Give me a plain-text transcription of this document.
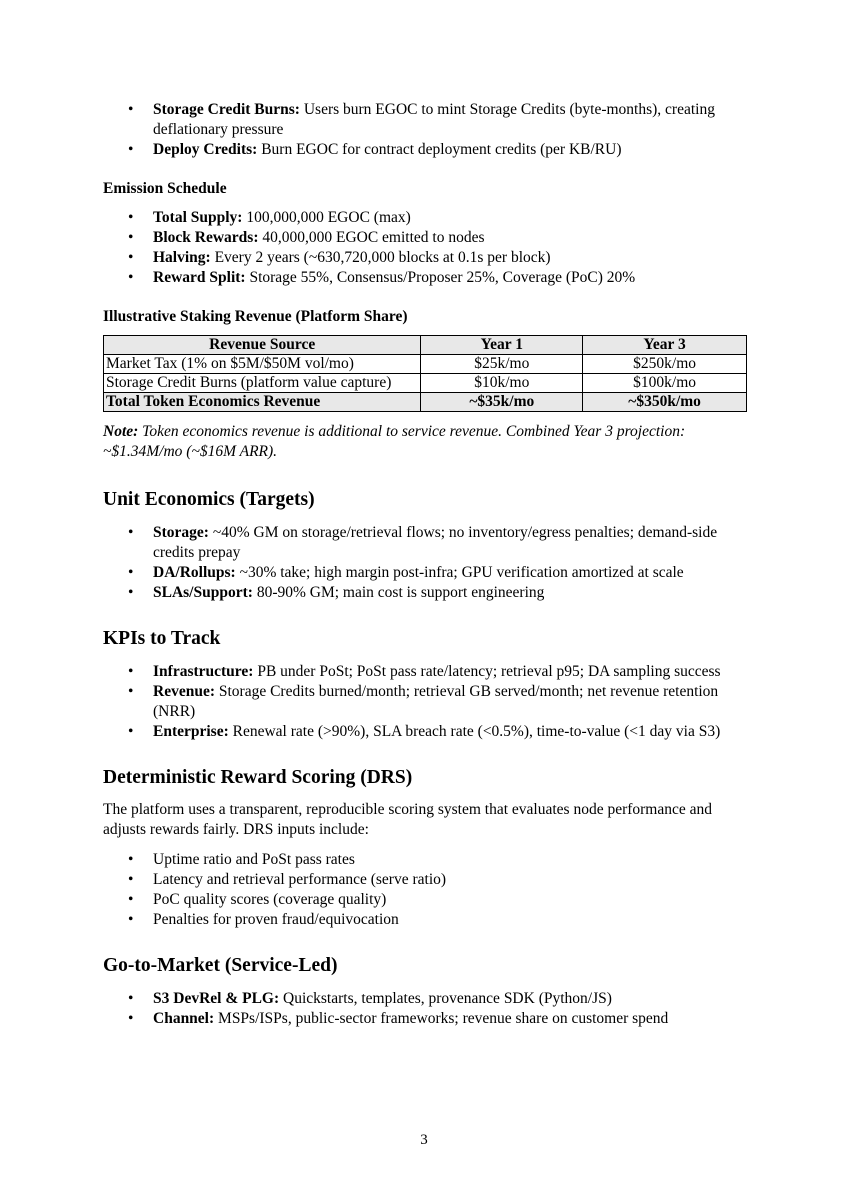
• Storage Credit Burns: Users burn EGOC to mint Storage Credits (byte-months), creating deflationary pressure
• Deploy Credits: Burn EGOC for contract deployment credits (per KB/RU)

Emission Schedule

• Total Supply: 100,000,000 EGOC (max)
• Block Rewards: 40,000,000 EGOC emitted to nodes
• Halving: Every 2 years (~630,720,000 blocks at 0.1s per block)
• Reward Split: Storage 55%, Consensus/Proposer 25%, Coverage (PoC) 20%

Illustrative Staking Revenue (Platform Share)

Revenue Source	Year 1	Year 3
Market Tax (1% on $5M/$50M vol/mo)	$25k/mo	$250k/mo
Storage Credit Burns (platform value capture)	$10k/mo	$100k/mo
Total Token Economics Revenue	~$35k/mo	~$350k/mo

Note: Token economics revenue is additional to service revenue. Combined Year 3 projection: ~$1.34M/mo (~$16M ARR).

Unit Economics (Targets)

• Storage: ~40% GM on storage/retrieval flows; no inventory/egress penalties; demand-side credits prepay
• DA/Rollups: ~30% take; high margin post-infra; GPU verification amortized at scale
• SLAs/Support: 80-90% GM; main cost is support engineering

KPIs to Track

• Infrastructure: PB under PoSt; PoSt pass rate/latency; retrieval p95; DA sampling success
• Revenue: Storage Credits burned/month; retrieval GB served/month; net revenue retention (NRR)
• Enterprise: Renewal rate (>90%), SLA breach rate (<0.5%), time-to-value (<1 day via S3)

Deterministic Reward Scoring (DRS)

The platform uses a transparent, reproducible scoring system that evaluates node performance and adjusts rewards fairly. DRS inputs include:

• Uptime ratio and PoSt pass rates
• Latency and retrieval performance (serve ratio)
• PoC quality scores (coverage quality)
• Penalties for proven fraud/equivocation

Go-to-Market (Service-Led)

• S3 DevRel & PLG: Quickstarts, templates, provenance SDK (Python/JS)
• Channel: MSPs/ISPs, public-sector frameworks; revenue share on customer spend
3
